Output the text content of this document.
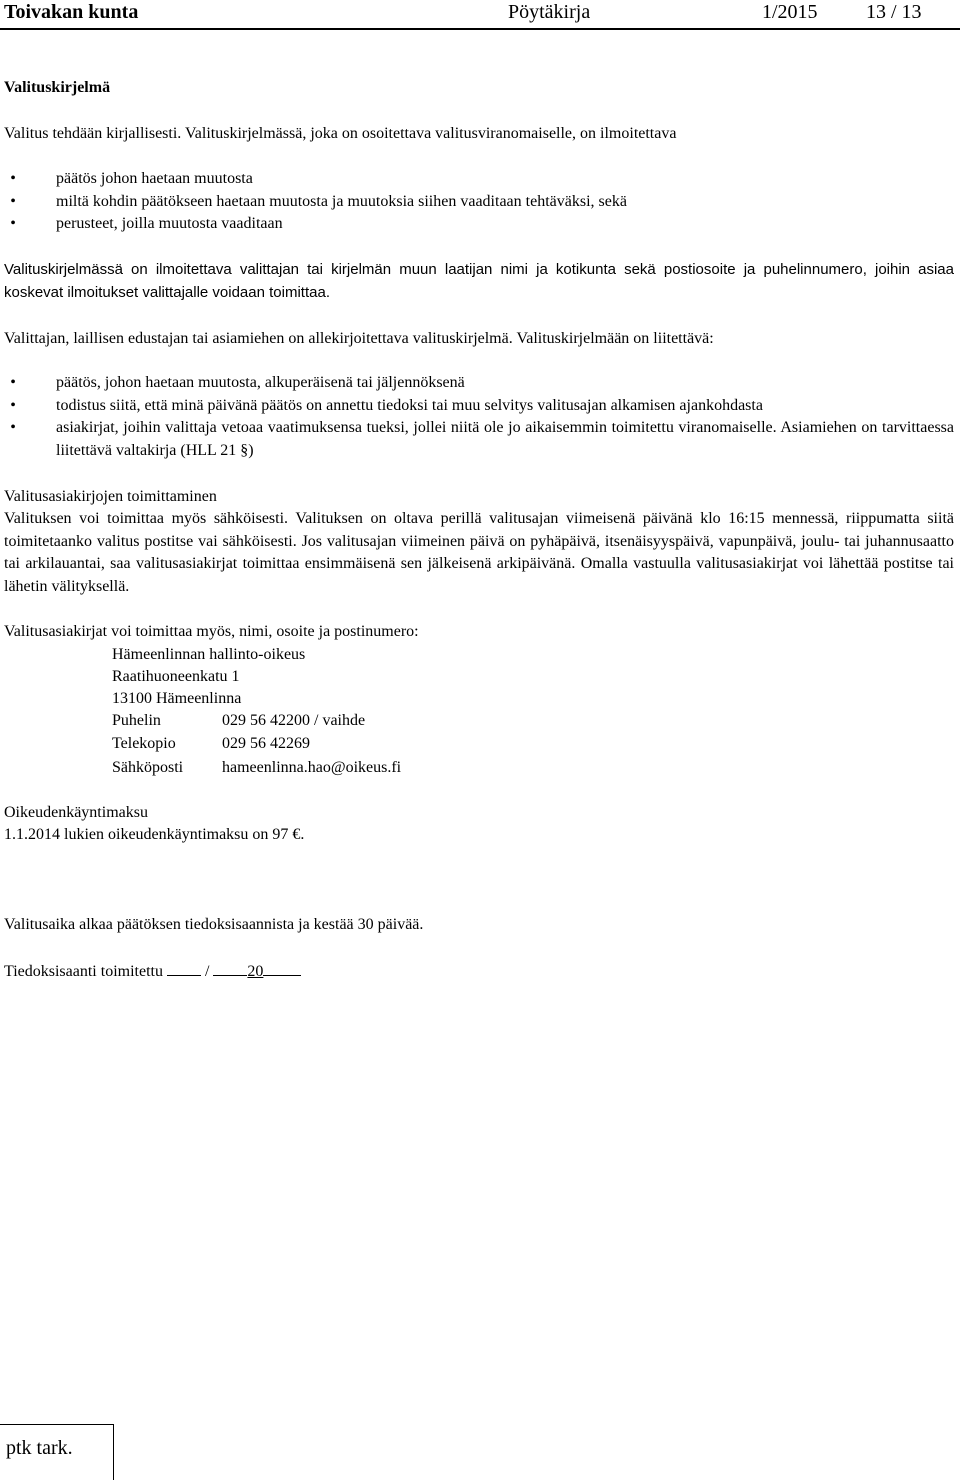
Toivakan kunta	Pöytäkirja	1/2015 13 / 13
Valituskirjelmä
Valitus tehdään kirjallisesti. Valituskirjelmässä, joka on osoitettava valitusviranomaiselle, on ilmoitettava
•	päätös johon haetaan muutosta
•	miltä kohdin päätökseen haetaan muutosta ja muutoksia siihen vaaditaan tehtäväksi, sekä
•	perusteet, joilla muutosta vaaditaan
Valituskirjelmässä on ilmoitettava valittajan tai kirjelmän muun laatijan nimi ja kotikunta sekä postiosoite ja puhelinnumero, joihin asiaa koskevat ilmoitukset valittajalle voidaan toimittaa.
Valittajan, laillisen edustajan tai asiamiehen on allekirjoitettava valituskirjelmä. Valituskirjelmään on liitettävä:
•	päätös, johon haetaan muutosta, alkuperäisenä tai jäljennöksenä
•	todistus siitä, että minä päivänä päätös on annettu tiedoksi tai muu selvitys valitusajan alkamisen ajankohdasta
•	asiakirjat, joihin valittaja vetoaa vaatimuksensa tueksi, jollei niitä ole jo aikaisemmin toimitettu viranomaiselle. Asiamiehen on tarvittaessa liitettävä valtakirja (HLL 21 §)
Valitusasiakirjojen toimittaminen
Valituksen voi toimittaa myös sähköisesti. Valituksen on oltava perillä valitusajan viimeisenä päivänä klo 16:15 mennessä, riippumatta siitä toimitetaanko valitus postitse vai sähköisesti. Jos valitusajan viimeinen päivä on pyhäpäivä, itsenäisyyspäivä, vapunpäivä, joulu- tai juhannusaatto tai arkilauantai, saa valitusasiakirjat toimittaa ensimmäisenä sen jälkeisenä arkipäivänä. Omalla vastuulla valitusasiakirjat voi lähettää postitse tai lähetin välityksellä.
Valitusasiakirjat voi toimittaa myös, nimi, osoite ja postinumero:
Hämeenlinnan hallinto-oikeus
Raatihuoneenkatu 1
13100 Hämeenlinna
Puhelin	029 56 42200 / vaihde
Telekopio	029 56 42269
Sähköposti hameenlinna.hao@oikeus.fi
Oikeudenkäyntimaksu
1.1.2014 lukien oikeudenkäyntimaksu on 97 €.
Valitusaika alkaa päätöksen tiedoksisaannista ja kestää 30 päivää.
Tiedoksisaanti toimitettu	/ 20
ptk tark.
